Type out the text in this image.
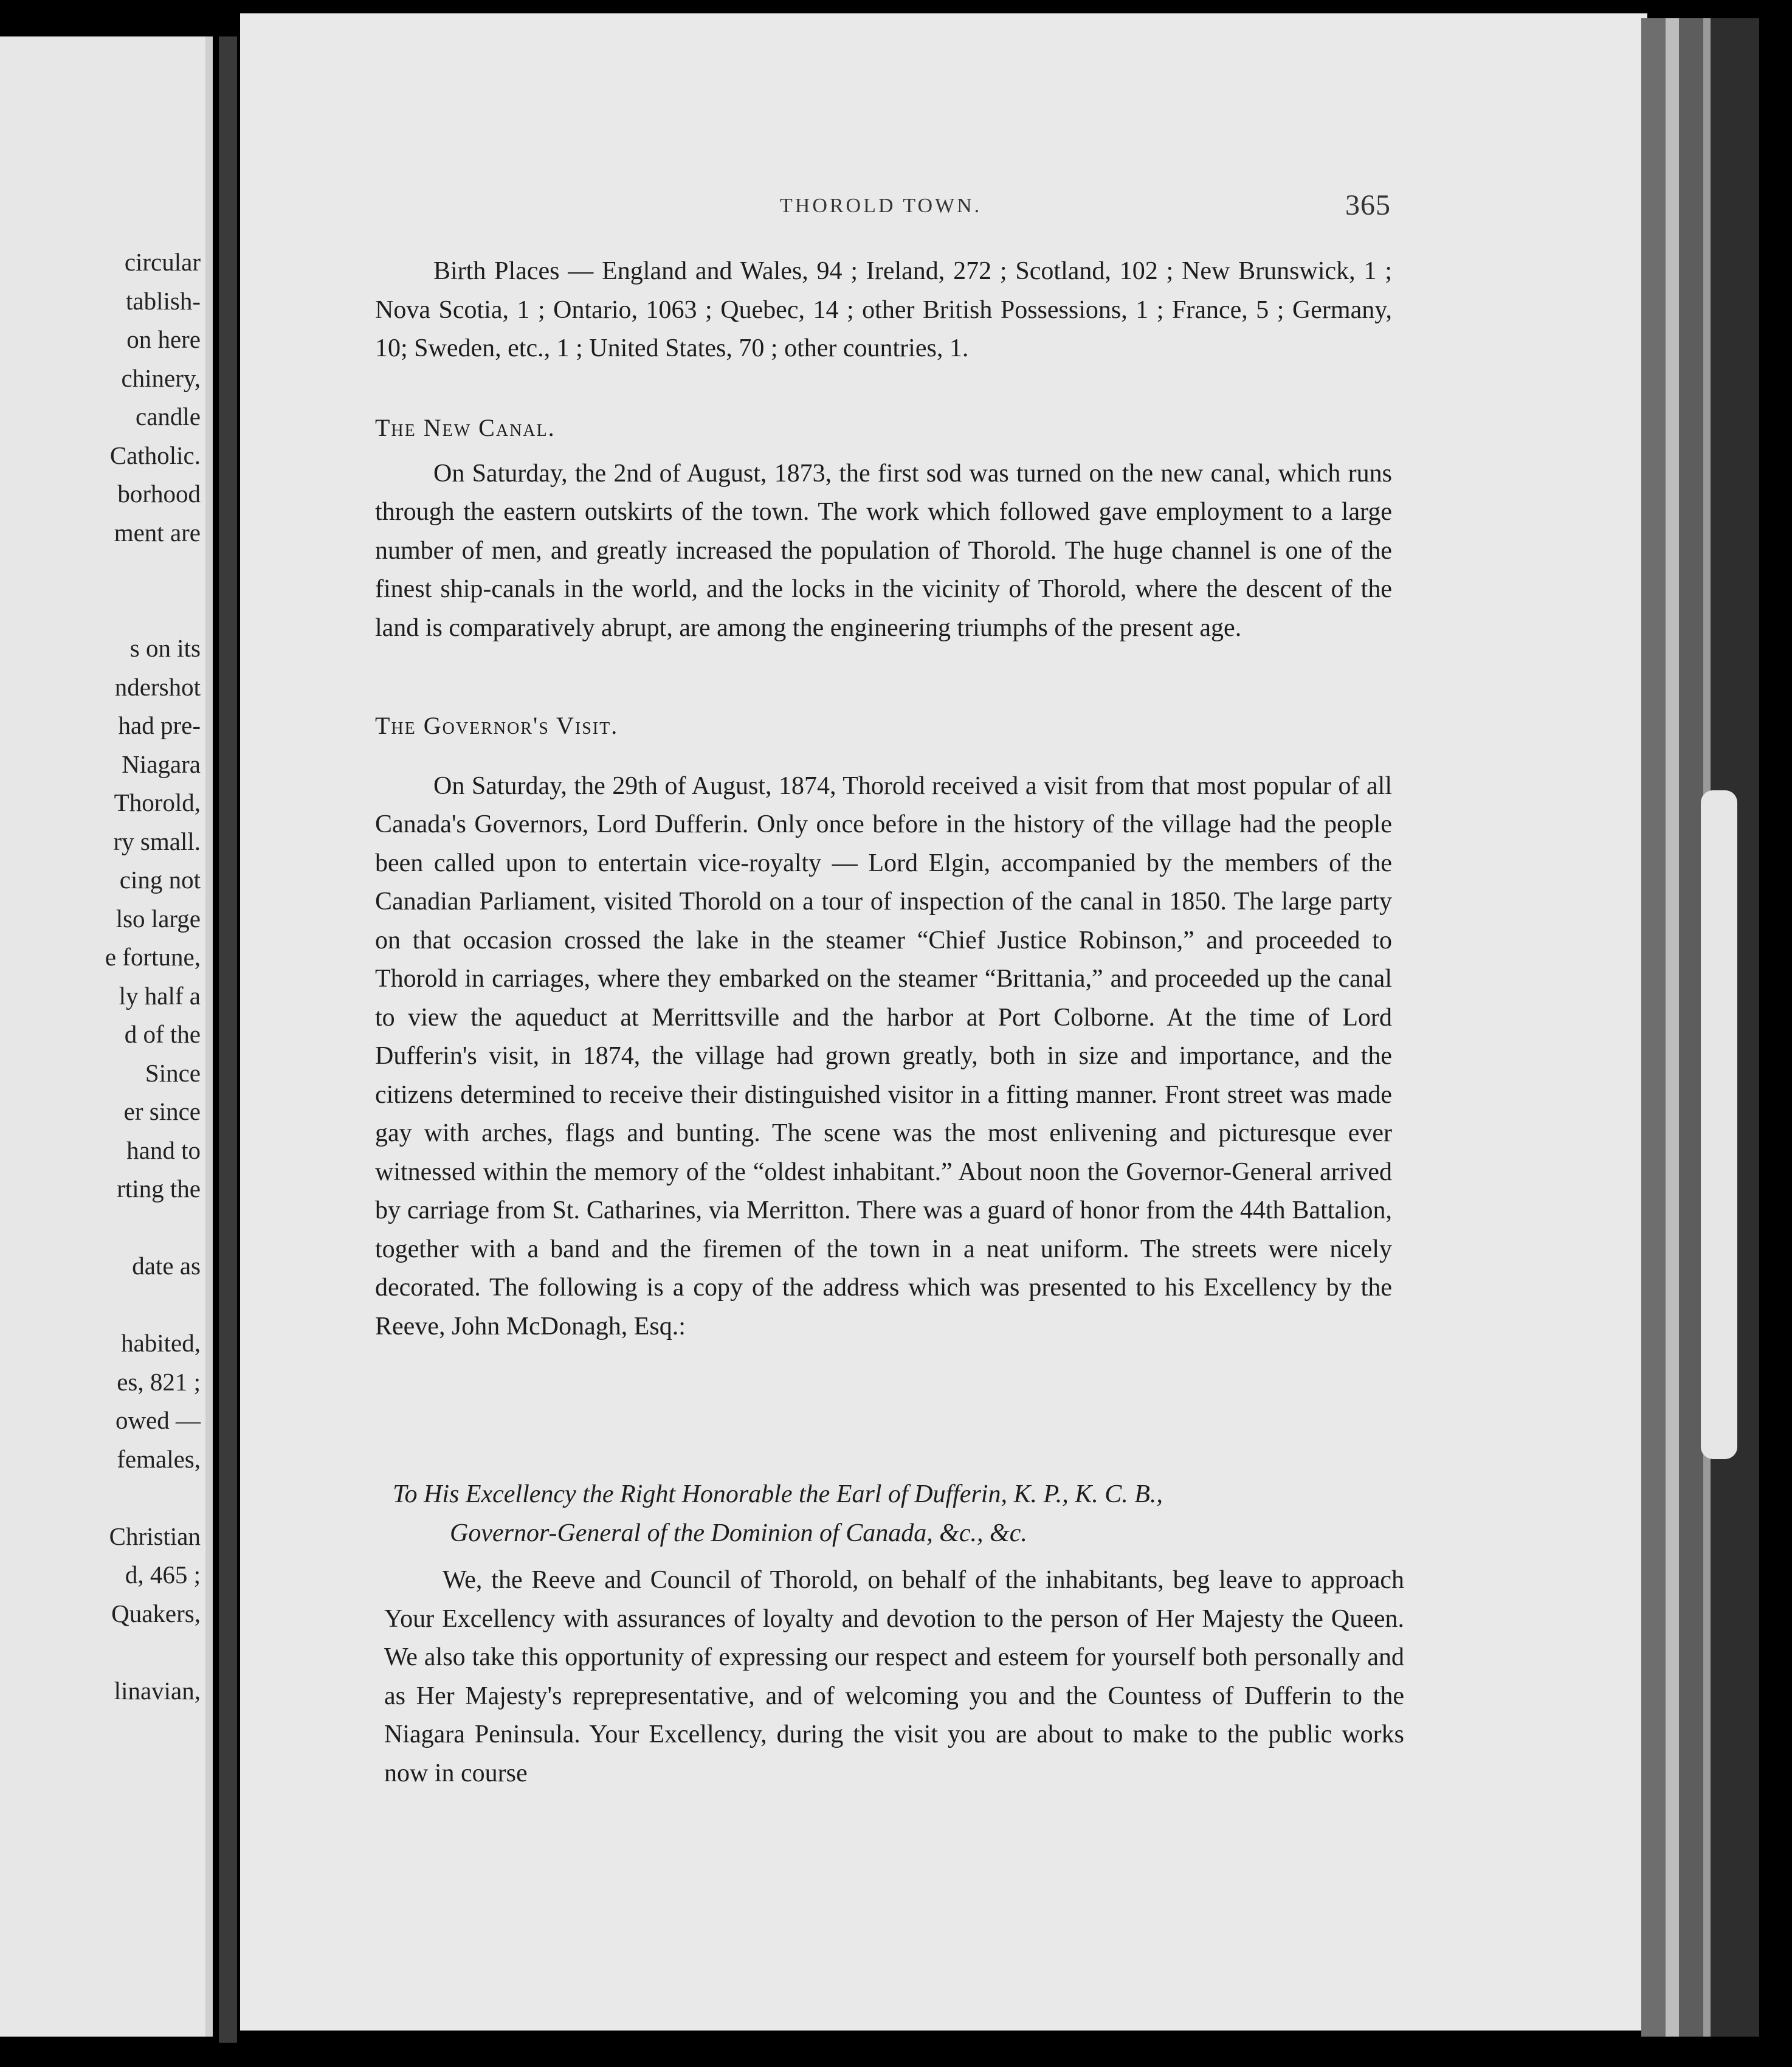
circular
tablish-
on here
chinery,
candle
Catholic.
borhood
ment are
s on its
ndershot
had pre-
Niagara
Thorold,
ry small.
cing not
lso large
e fortune,
ly half a
d of the
Since
er since
hand to
rting the
date as
habited,
es, 821 ;
owed —
females,
Christian
d, 465 ;
Quakers,
linavian,
THOROLD TOWN.	365

Birth Places — England and Wales, 94 ; Ireland, 272 ; Scotland, 102 ; New Brunswick, 1 ; Nova Scotia, 1 ; Ontario, 1063 ; Quebec, 14 ; other British Possessions, 1 ; France, 5 ; Germany, 10; Sweden, etc., 1 ; United States, 70 ; other countries, 1.

The New Canal.

On Saturday, the 2nd of August, 1873, the first sod was turned on the new canal, which runs through the eastern outskirts of the town. The work which followed gave employment to a large number of men, and greatly increased the population of Thorold. The huge channel is one of the finest ship-canals in the world, and the locks in the vicinity of Thorold, where the descent of the land is comparatively abrupt, are among the engineering triumphs of the present age.

The Governor's Visit.

On Saturday, the 29th of August, 1874, Thorold received a visit from that most popular of all Canada's Governors, Lord Dufferin. Only once before in the history of the village had the people been called upon to entertain vice-royalty — Lord Elgin, accompanied by the members of the Canadian Parliament, visited Thorold on a tour of inspection of the canal in 1850. The large party on that occasion crossed the lake in the steamer “Chief Justice Robinson,” and proceeded to Thorold in carriages, where they embarked on the steamer “Brittania,” and proceeded up the canal to view the aqueduct at Merrittsville and the harbor at Port Colborne. At the time of Lord Dufferin's visit, in 1874, the village had grown greatly, both in size and importance, and the citizens determined to receive their distinguished visitor in a fitting manner. Front street was made gay with arches, flags and bunting. The scene was the most enlivening and picturesque ever witnessed within the memory of the “oldest inhabitant.” About noon the Governor-General arrived by carriage from St. Catharines, via Merritton. There was a guard of honor from the 44th Battalion, together with a band and the firemen of the town in a neat uniform. The streets were nicely decorated. The following is a copy of the address which was presented to his Excellency by the Reeve, John McDonagh, Esq.:

To His Excellency the Right Honorable the Earl of Dufferin, K. P., K. C. B.,
Governor-General of the Dominion of Canada, &c., &c.

We, the Reeve and Council of Thorold, on behalf of the inhabitants, beg leave to approach Your Excellency with assurances of loyalty and devotion to the person of Her Majesty the Queen. We also take this opportunity of expressing our respect and esteem for yourself both personally and as Her Majesty's reprepresentative, and of welcoming you and the Countess of Dufferin to the Niagara Peninsula. Your Excellency, during the visit you are about to make to the public works now in course
